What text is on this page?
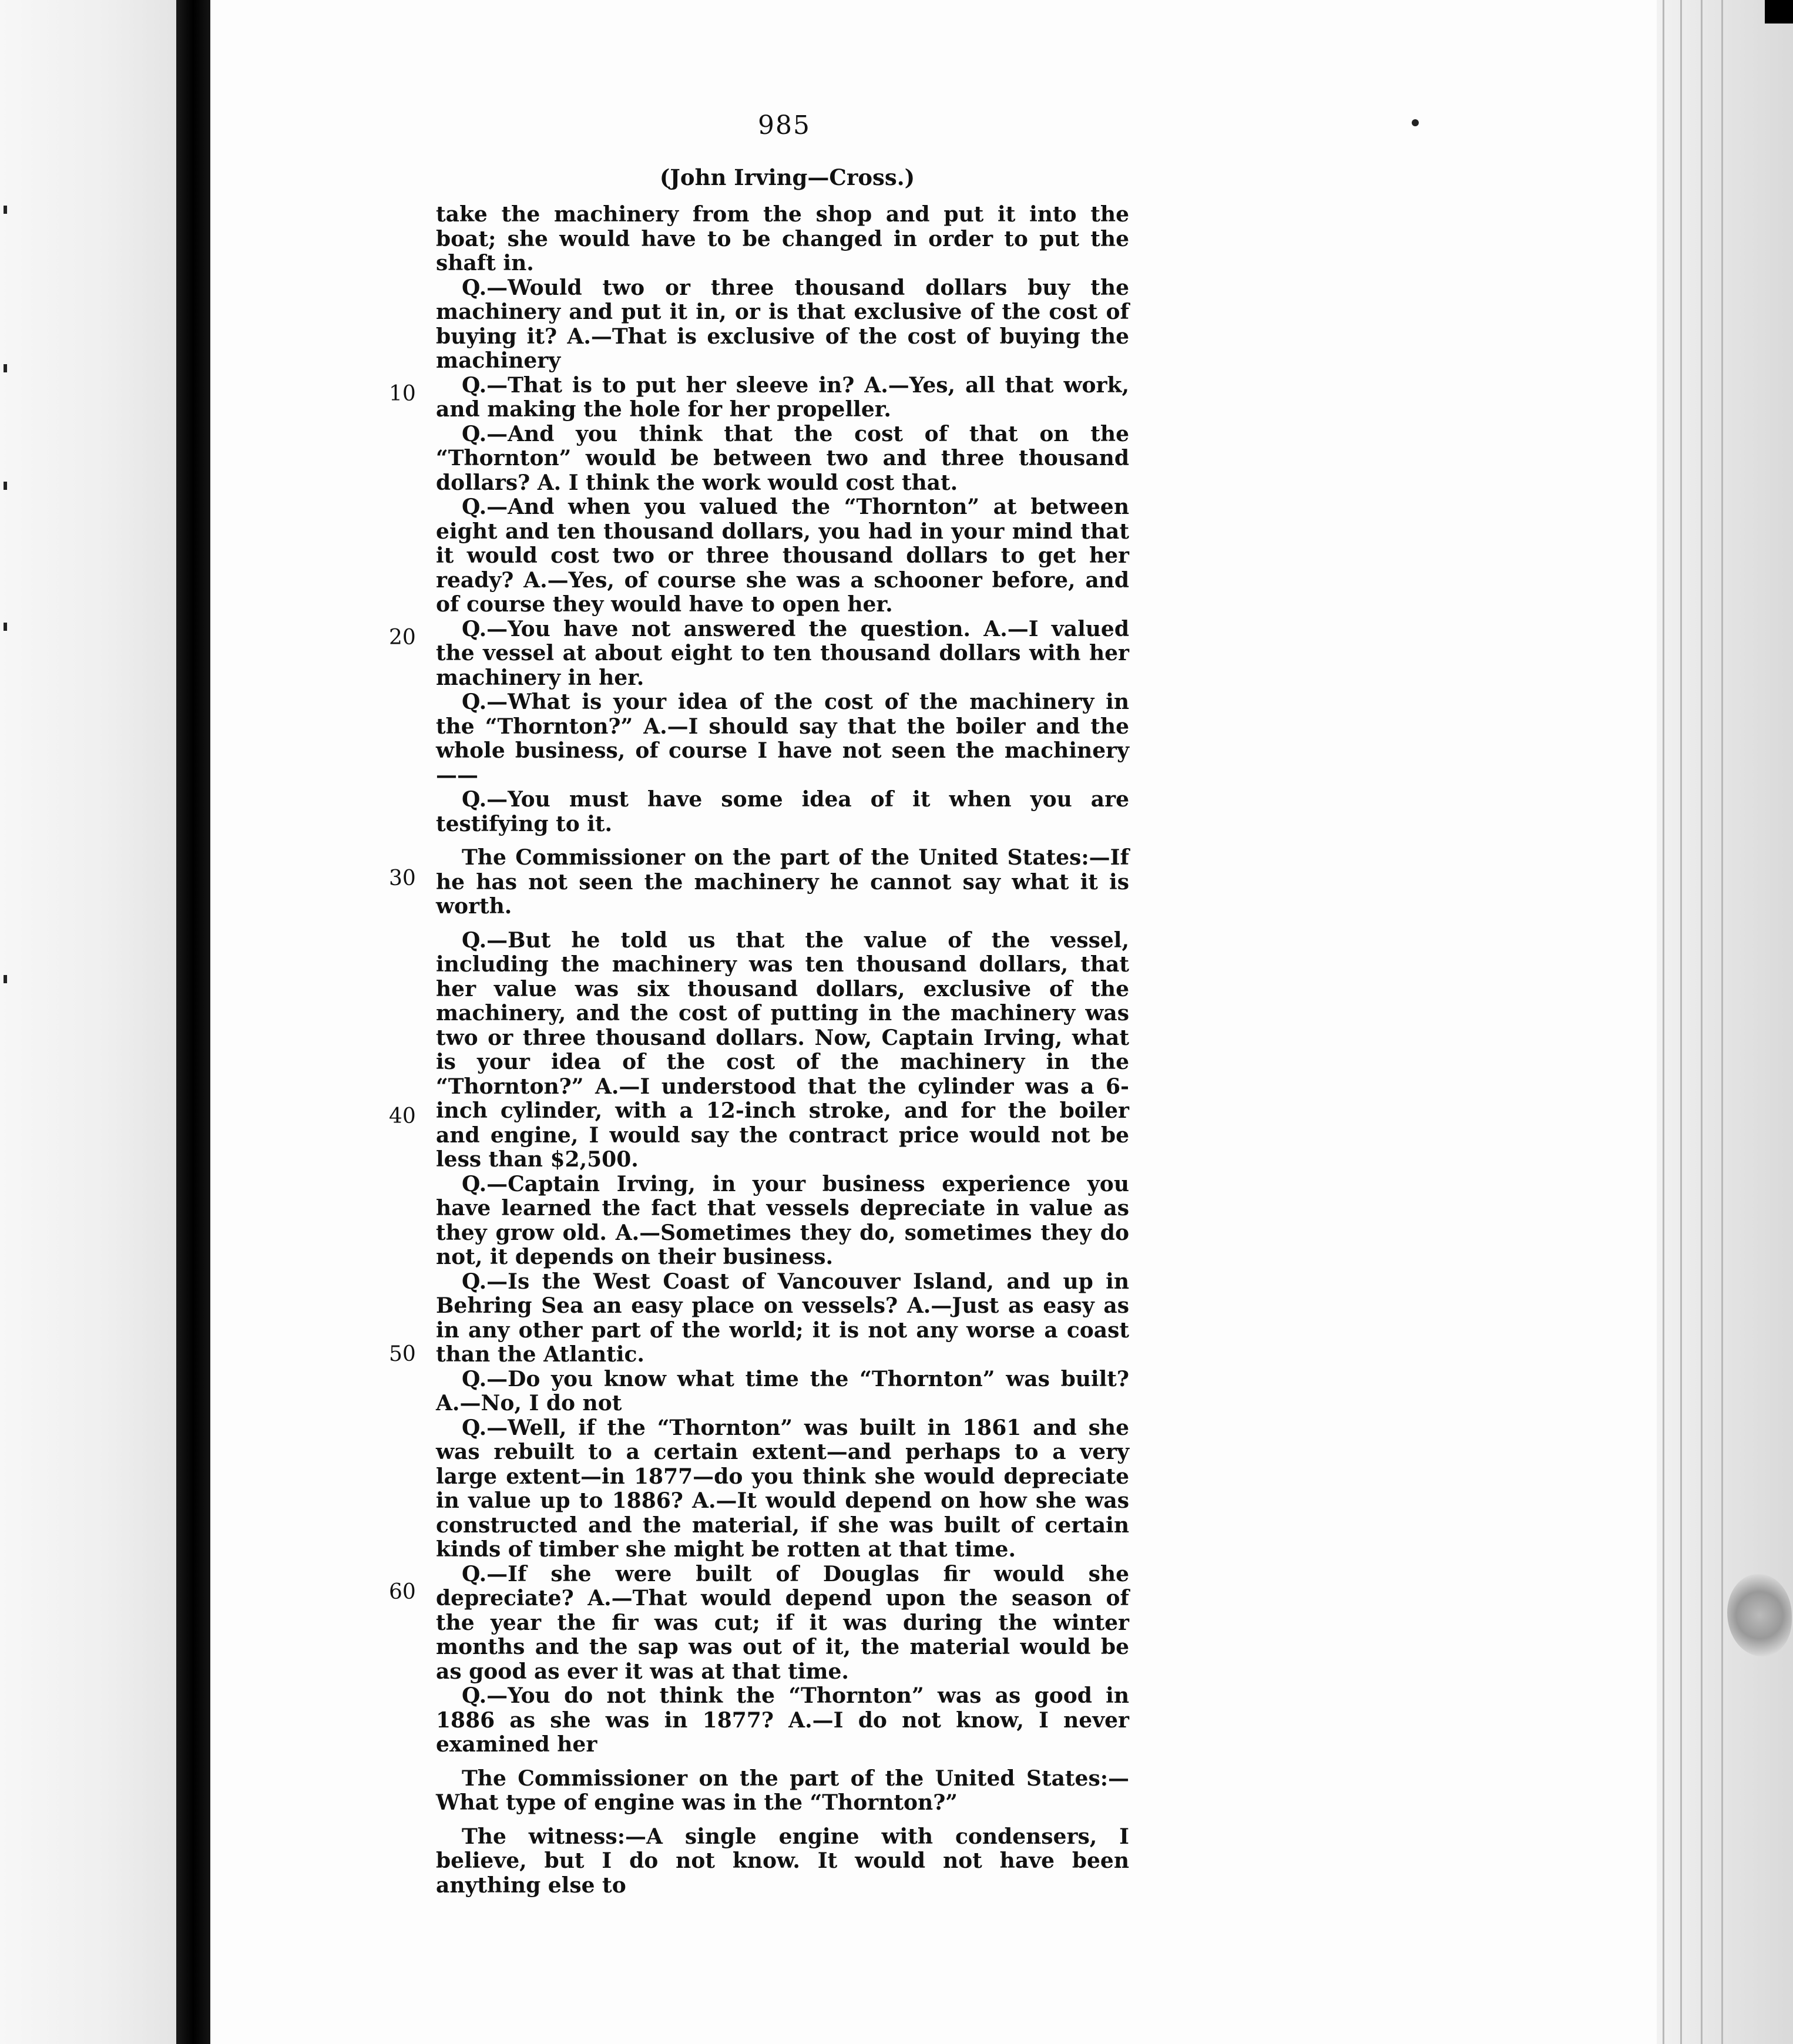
985
(John Irving—Cross.)
10
20
30
40
50
60

take the machinery from the shop and put it into the boat; she would have to be changed in order to put the shaft in.

Q.—Would two or three thousand dollars buy the machinery and put it in, or is that exclusive of the cost of buying it? A.—That is exclusive of the cost of buying the machinery

Q.—That is to put her sleeve in? A.—Yes, all that work, and making the hole for her propeller.

Q.—And you think that the cost of that on the “Thornton” would be between two and three thousand dollars? A. I think the work would cost that.

Q.—And when you valued the “Thornton” at between eight and ten thousand dollars, you had in your mind that it would cost two or three thousand dollars to get her ready? A.—Yes, of course she was a schooner before, and of course they would have to open her.

Q.—You have not answered the question. A.—I valued the vessel at about eight to ten thousand dollars with her machinery in her.

Q.—What is your idea of the cost of the machinery in the “Thornton?” A.—I should say that the boiler and the whole business, of course I have not seen the machinery ——

Q.—You must have some idea of it when you are testifying to it.

The Commissioner on the part of the United States:—If he has not seen the machinery he cannot say what it is worth.

Q.—But he told us that the value of the vessel, including the machinery was ten thousand dollars, that her value was six thousand dollars, exclusive of the machinery, and the cost of putting in the machinery was two or three thousand dollars. Now, Captain Irving, what is your idea of the cost of the machinery in the “Thornton?” A.—I understood that the cylinder was a 6-inch cylinder, with a 12-inch stroke, and for the boiler and engine, I would say the contract price would not be less than $2,500.

Q.—Captain Irving, in your business experience you have learned the fact that vessels depreciate in value as they grow old. A.—Sometimes they do, sometimes they do not, it depends on their business.

Q.—Is the West Coast of Vancouver Island, and up in Behring Sea an easy place on vessels? A.—Just as easy as in any other part of the world; it is not any worse a coast than the Atlantic.

Q.—Do you know what time the “Thornton” was built? A.—No, I do not

Q.—Well, if the “Thornton” was built in 1861 and she was rebuilt to a certain extent—and perhaps to a very large extent—in 1877—do you think she would depreciate in value up to 1886? A.—It would depend on how she was constructed and the material, if she was built of certain kinds of timber she might be rotten at that time.

Q.—If she were built of Douglas fir would she depreciate? A.—That would depend upon the season of the year the fir was cut; if it was during the winter months and the sap was out of it, the material would be as good as ever it was at that time.

Q.—You do not think the “Thornton” was as good in 1886 as she was in 1877? A.—I do not know, I never examined her

The Commissioner on the part of the United States:—What type of engine was in the “Thornton?”

The witness:—A single engine with condensers, I believe, but I do not know. It would not have been anything else to
